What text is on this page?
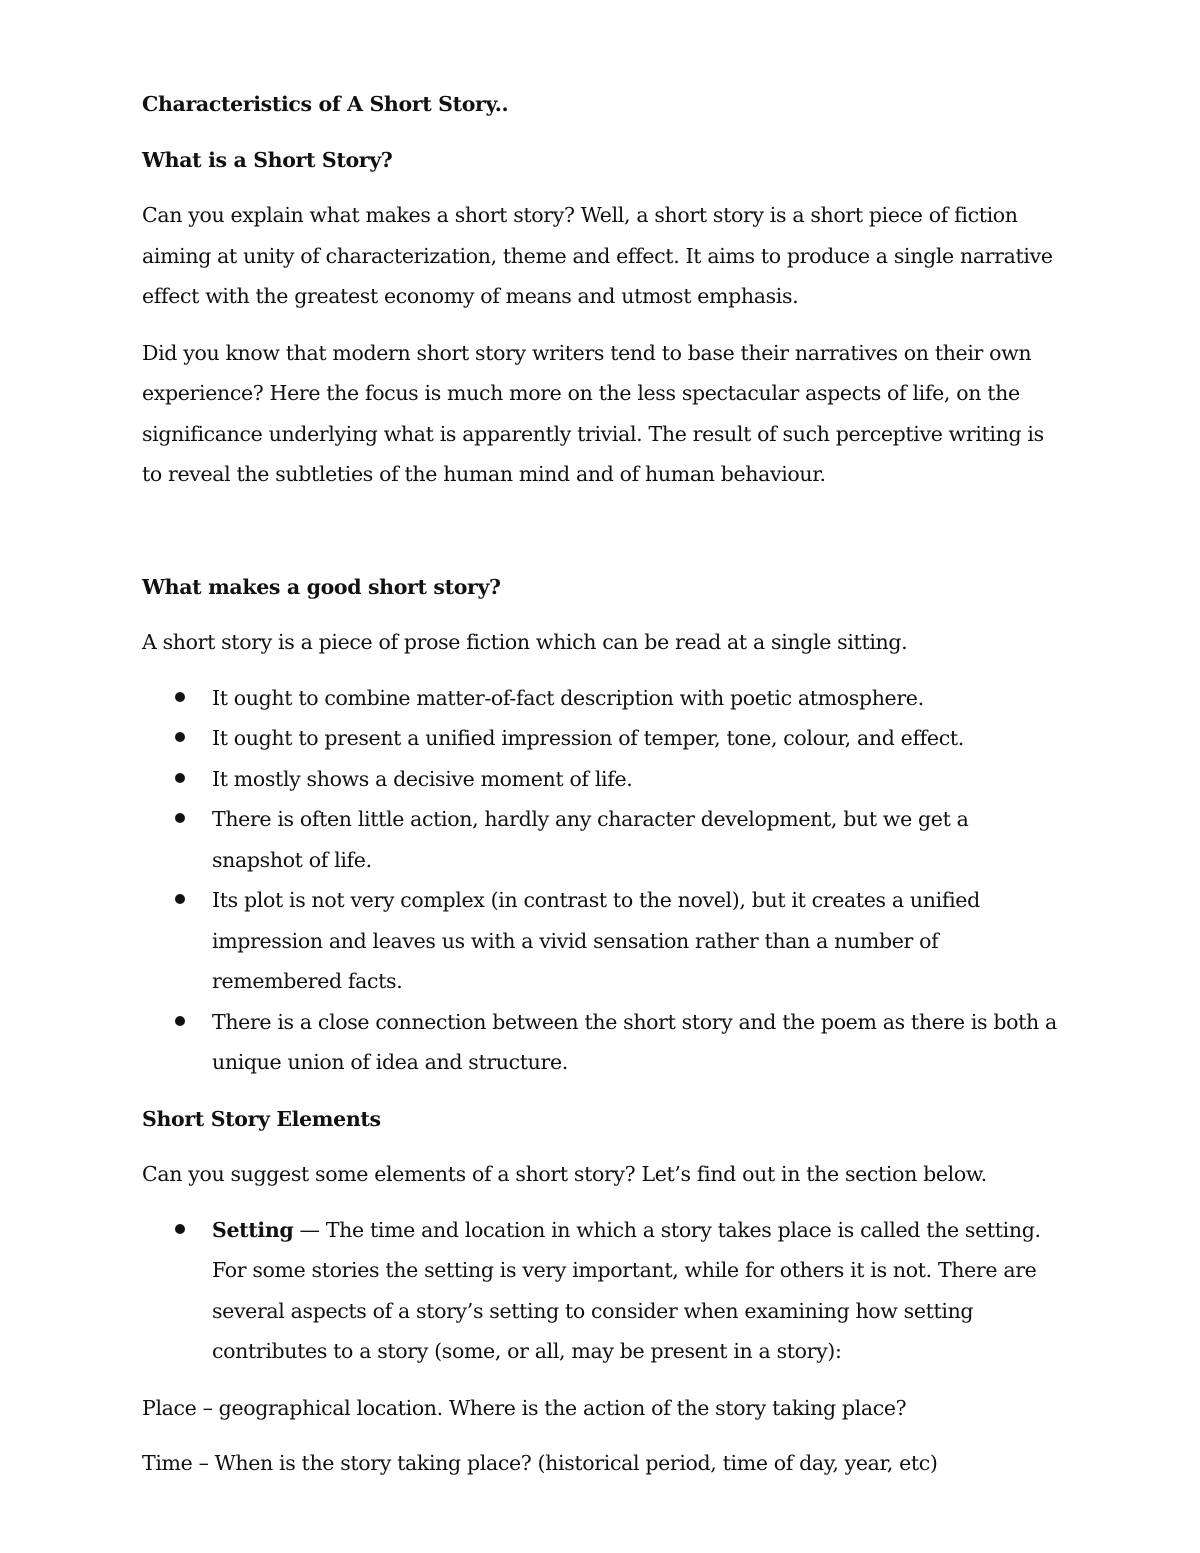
Characteristics of A Short Story..
What is a Short Story?

Can you explain what makes a short story? Well, a short story is a short piece of fiction aiming at unity of characterization, theme and effect. It aims to produce a single narrative effect with the greatest economy of means and utmost emphasis.

Did you know that modern short story writers tend to base their narratives on their own experience? Here the focus is much more on the less spectacular aspects of life, on the significance underlying what is apparently trivial. The result of such perceptive writing is to reveal the subtleties of the human mind and of human behaviour.

What makes a good short story?

A short story is a piece of prose fiction which can be read at a single sitting.

It ought to combine matter-of-fact description with poetic atmosphere.
It ought to present a unified impression of temper, tone, colour, and effect.
It mostly shows a decisive moment of life.
There is often little action, hardly any character development, but we get a snapshot of life.
Its plot is not very complex (in contrast to the novel), but it creates a unified impression and leaves us with a vivid sensation rather than a number of remembered facts.
There is a close connection between the short story and the poem as there is both a unique union of idea and structure.
Short Story Elements

Can you suggest some elements of a short story? Let’s find out in the section below.

Setting — The time and location in which a story takes place is called the setting. For some stories the setting is very important, while for others it is not. There are several aspects of a story’s setting to consider when examining how setting contributes to a story (some, or all, may be present in a story):

Place – geographical location. Where is the action of the story taking place?

Time – When is the story taking place? (historical period, time of day, year, etc)
